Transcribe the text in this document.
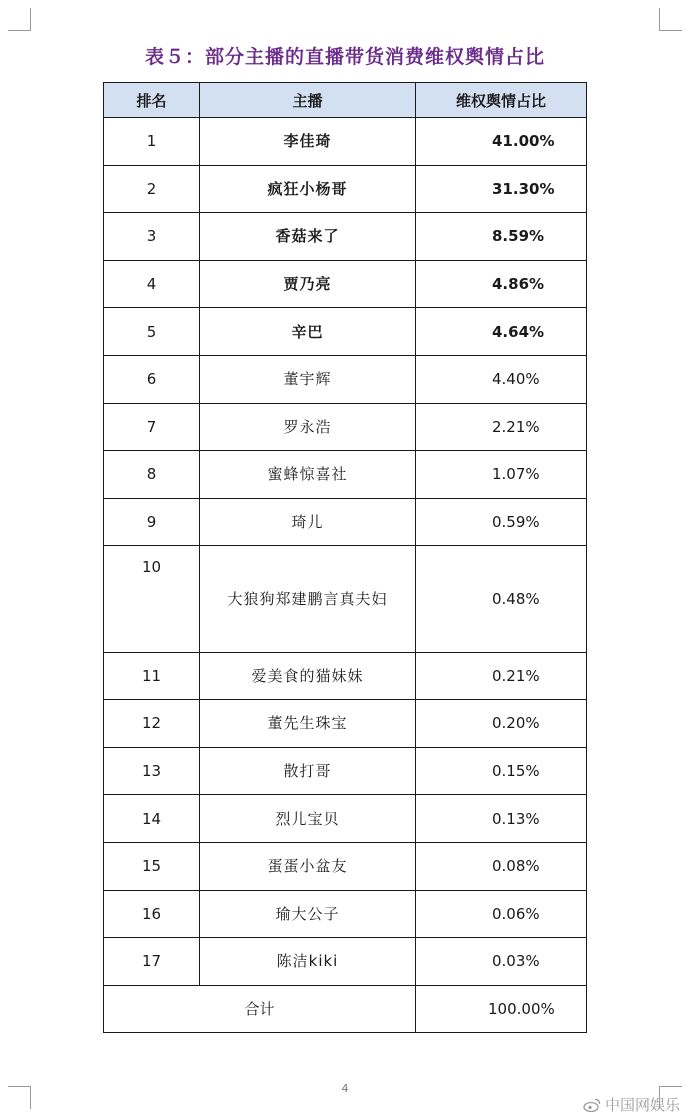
表５：部分主播的直播带货消费维权舆情占比
排名	主播	维权舆情占比
1	李佳琦	41.00%
2	疯狂小杨哥	31.30%
3	香菇来了	8.59%
4	贾乃亮	4.86%
5	辛巴	4.64%
6	董宇辉	4.40%
7	罗永浩	2.21%
8	蜜蜂惊喜社	1.07%
9	琦儿	0.59%
10	大狼狗郑建鹏言真夫妇	0.48%
11	爱美食的猫妹妹	0.21%
12	董先生珠宝	0.20%
13	散打哥	0.15%
14	烈儿宝贝	0.13%
15	蛋蛋小盆友	0.08%
16	瑜大公子	0.06%
17	陈洁kiki	0.03%
合计		100.00%
4
中国网娱乐
